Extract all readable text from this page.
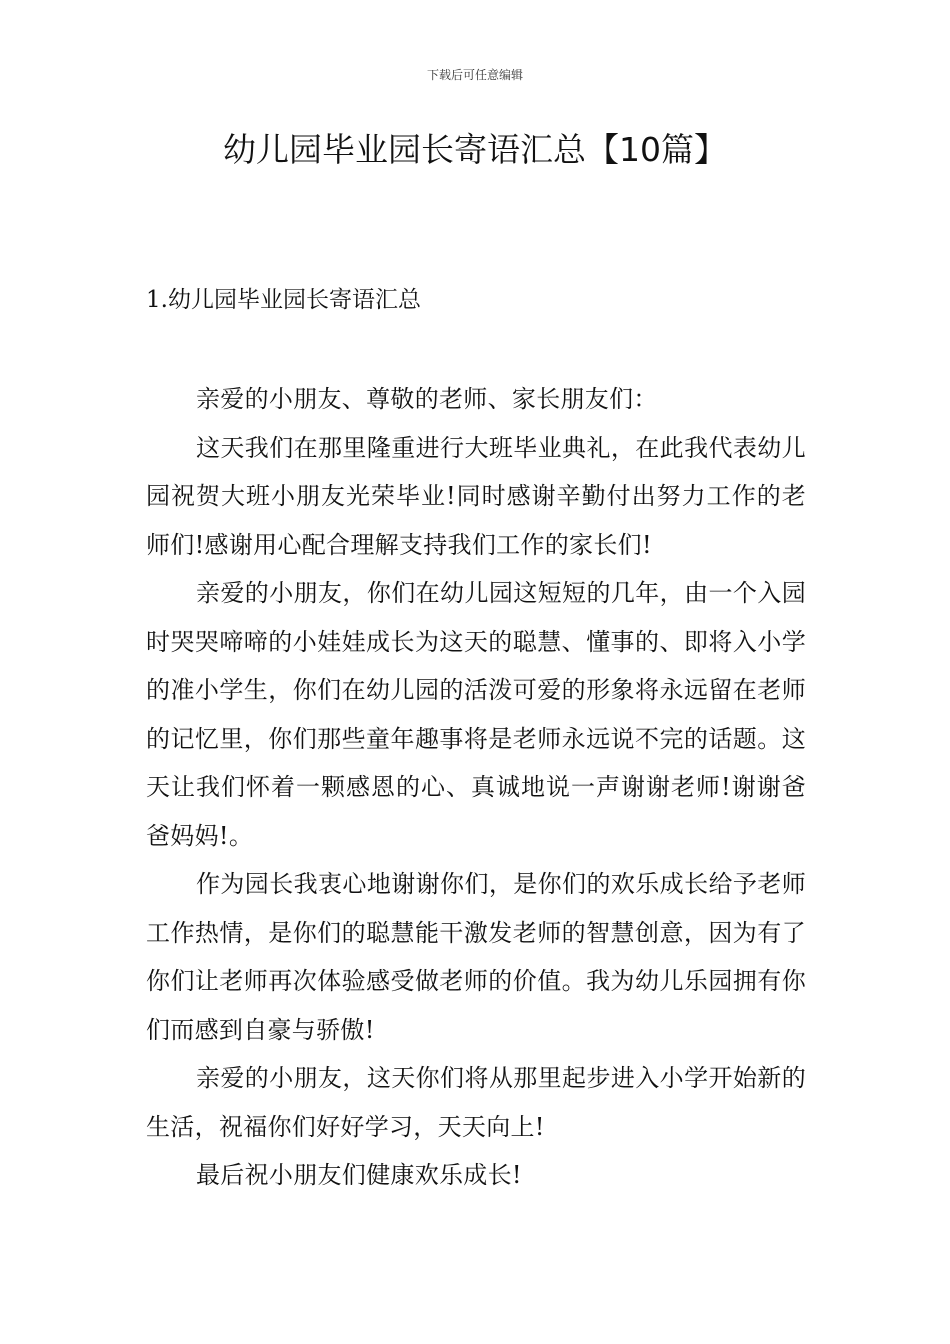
下载后可任意编辑
幼儿园毕业园长寄语汇总【10篇】
1.幼儿园毕业园长寄语汇总

亲爱的小朋友、尊敬的老师、家长朋友们：

这天我们在那里隆重进行大班毕业典礼，在此我代表幼儿园祝贺大班小朋友光荣毕业!同时感谢辛勤付出努力工作的老师们!感谢用心配合理解支持我们工作的家长们!

亲爱的小朋友，你们在幼儿园这短短的几年，由一个入园时哭哭啼啼的小娃娃成长为这天的聪慧、懂事的、即将入小学的准小学生，你们在幼儿园的活泼可爱的形象将永远留在老师的记忆里，你们那些童年趣事将是老师永远说不完的话题。这天让我们怀着一颗感恩的心、真诚地说一声谢谢老师!谢谢爸爸妈妈!。

作为园长我衷心地谢谢你们，是你们的欢乐成长给予老师工作热情，是你们的聪慧能干激发老师的智慧创意，因为有了你们让老师再次体验感受做老师的价值。我为幼儿乐园拥有你们而感到自豪与骄傲!

亲爱的小朋友，这天你们将从那里起步进入小学开始新的生活，祝福你们好好学习，天天向上!

最后祝小朋友们健康欢乐成长!
